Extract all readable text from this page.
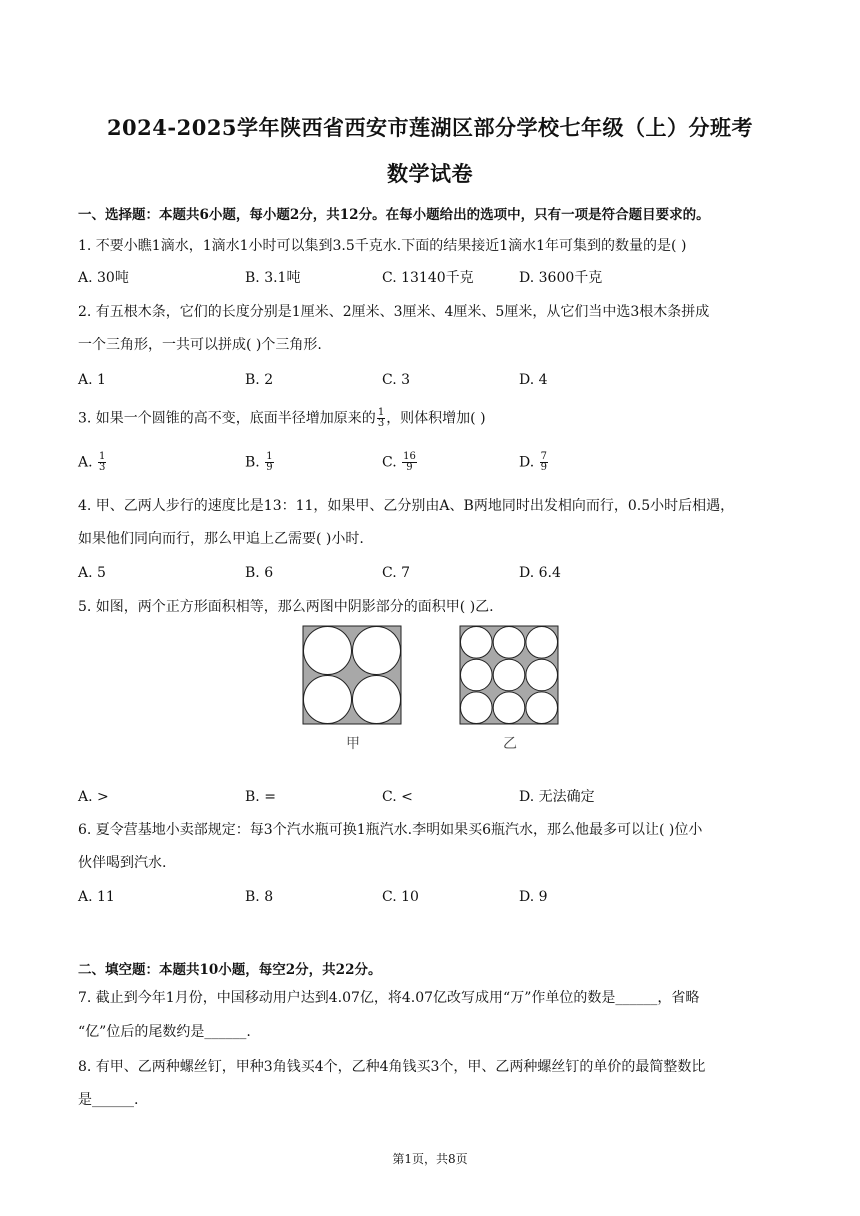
2024-2025学年陕西省西安市莲湖区部分学校七年级（上）分班考
数学试卷
一、选择题：本题共6小题，每小题2分，共12分。在每小题给出的选项中，只有一项是符合题目要求的。
1. 不要小瞧1滴水，1滴水1小时可以集到3.5千克水.下面的结果接近1滴水1年可集到的数量的是( )
A. 30吨	B. 3.1吨	C. 13140千克	D. 3600千克
2. 有五根木条，它们的长度分别是1厘米、2厘米、3厘米、4厘米、5厘米，从它们当中选3根木条拼成
一个三角形，一共可以拼成( )个三角形.
A. 1	B. 2	C. 3	D. 4
3. 如果一个圆锥的高不变，底面半径增加原来的 $\frac{1}{3}$ ，则体积增加( )
A. $\frac{1}{3}$	B. $\frac{1}{9}$	C. $\frac{16}{9}$	D. $\frac{7}{9}$
4. 甲、乙两人步行的速度比是13：11，如果甲、乙分别由A、B两地同时出发相向而行，0.5小时后相遇，
如果他们同向而行，那么甲追上乙需要( )小时.
A. 5	B. 6	C. 7	D. 6.4
5. 如图，两个正方形面积相等，那么两图中阴影部分的面积甲( )乙.
甲	乙
A. >	B. =	C. <	D. 无法确定
6. 夏令营基地小卖部规定：每3个汽水瓶可换1瓶汽水.李明如果买6瓶汽水，那么他最多可以让( )位小
伙伴喝到汽水.
A. 11	B. 8	C. 10	D. 9
二、填空题：本题共10小题，每空2分，共22分。
7. 截止到今年1月份，中国移动用户达到4.07亿，将4.07亿改写成用“万”作单位的数是______，省略
“亿”位后的尾数约是______.
8. 有甲、乙两种螺丝钉，甲种3角钱买4个，乙种4角钱买3个，甲、乙两种螺丝钉的单价的最简整数比
是______.
第1页，共8页
